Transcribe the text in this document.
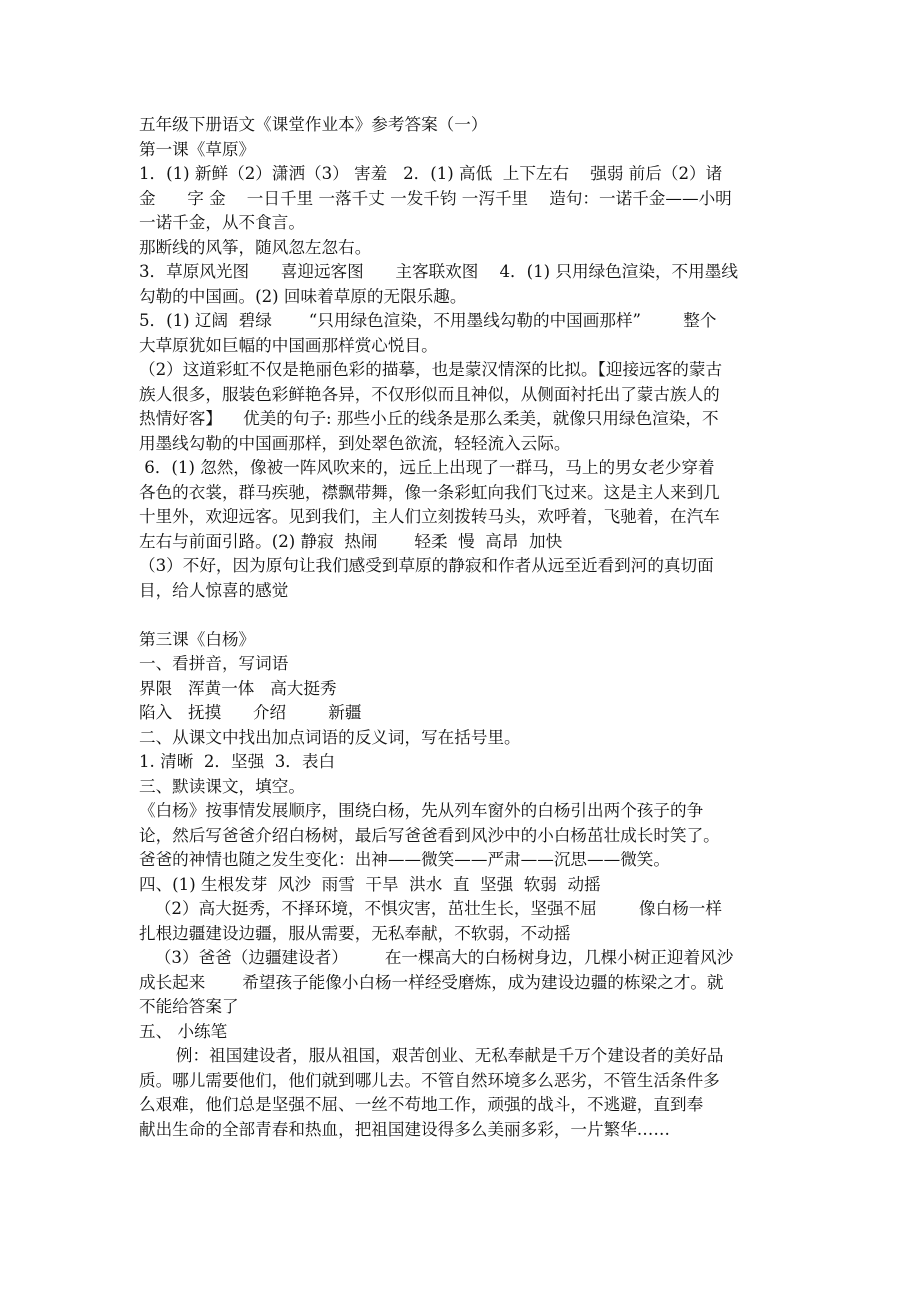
五年级下册语文《课堂作业本》参考答案（一）
第一课《草原》
1．(1) 新鲜（2）潇洒（3） 害羞   2．(1) 高低  上下左右    强弱 前后（2）诸
金      字 金    一日千里 一落千丈 一发千钧 一泻千里    造句：一诺千金——小明
一诺千金，从不食言。
那断线的风筝，随风忽左忽右。
3．草原风光图      喜迎远客图      主客联欢图    4．(1) 只用绿色渲染，不用墨线
勾勒的中国画。(2) 回味着草原的无限乐趣。
5．(1) 辽阔  碧绿       “只用绿色渲染，不用墨线勾勒的中国画那样”        整个
大草原犹如巨幅的中国画那样赏心悦目。
（2）这道彩虹不仅是艳丽色彩的描摹，也是蒙汉情深的比拟。【迎接远客的蒙古
族人很多，服装色彩鲜艳各异，不仅形似而且神似，从侧面衬托出了蒙古族人的
热情好客】    优美的句子: 那些小丘的线条是那么柔美，就像只用绿色渲染，不
用墨线勾勒的中国画那样，到处翠色欲流，轻轻流入云际。
6．(1) 忽然，像被一阵风吹来的，远丘上出现了一群马，马上的男女老少穿着
各色的衣裳，群马疾驰，襟飘带舞，像一条彩虹向我们飞过来。这是主人来到几
十里外，欢迎远客。见到我们，主人们立刻拨转马头，欢呼着，飞驰着，在汽车
左右与前面引路。(2) 静寂  热闹       轻柔  慢  高昂  加快
（3）不好，因为原句让我们感受到草原的静寂和作者从远至近看到河的真切面
目，给人惊喜的感觉
第三课《白杨》
一、看拼音，写词语
界限   浑黄一体   高大挺秀
陷入   抚摸      介绍        新疆
二、从课文中找出加点词语的反义词，写在括号里。
1. 清晰  2．坚强  3．表白
三、默读课文，填空。
《白杨》按事情发展顺序，围绕白杨，先从列车窗外的白杨引出两个孩子的争
论，然后写爸爸介绍白杨树，最后写爸爸看到风沙中的小白杨茁壮成长时笑了。
爸爸的神情也随之发生变化：出神——微笑——严肃——沉思——微笑。
四、(1) 生根发芽  风沙  雨雪  干旱  洪水  直  坚强  软弱  动摇
（2）高大挺秀，不择环境，不惧灾害，茁壮生长，坚强不屈        像白杨一样
扎根边疆建设边疆，服从需要，无私奉献，不软弱，不动摇
（3）爸爸（边疆建设者）       在一棵高大的白杨树身边，几棵小树正迎着风沙
成长起来       希望孩子能像小白杨一样经受磨炼，成为建设边疆的栋梁之才。就
不能给答案了
五、 小练笔
例：祖国建设者，服从祖国，艰苦创业、无私奉献是千万个建设者的美好品
质。哪儿需要他们，他们就到哪儿去。不管自然环境多么恶劣，不管生活条件多
么艰难，他们总是坚强不屈、一丝不苟地工作，顽强的战斗，不逃避，直到奉
献出生命的全部青春和热血，把祖国建设得多么美丽多彩，一片繁华……
